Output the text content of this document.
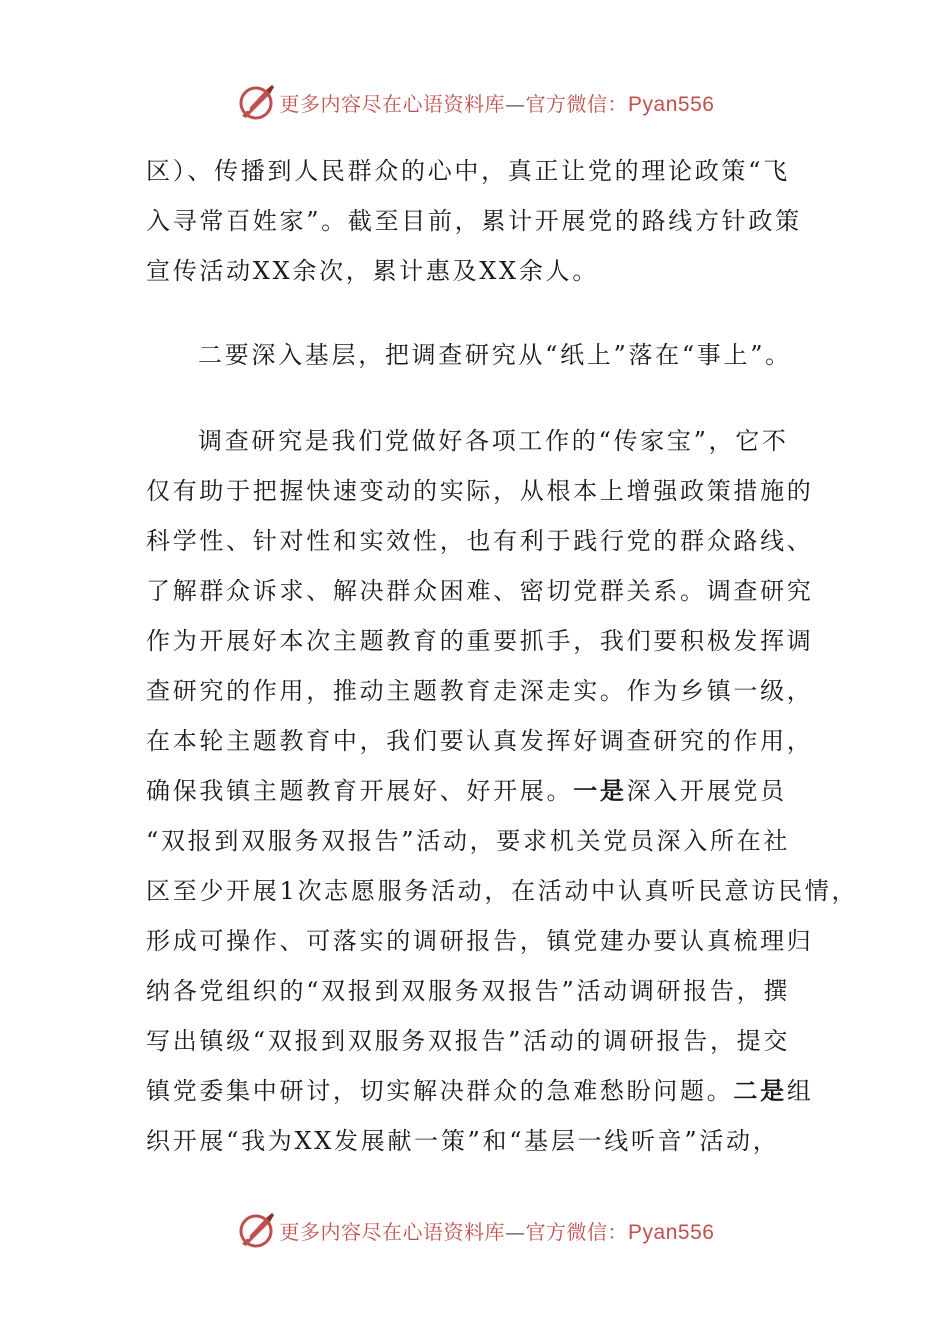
更多内容尽在心语资料库—官方微信：Pyan556
区）、传播到人民群众的心中，真正让党的理论政策“飞
入寻常百姓家”。截至目前，累计开展党的路线方针政策
宣传活动XX余次，累计惠及XX余人。
二要深入基层，把调查研究从“纸上”落在“事上”。
调查研究是我们党做好各项工作的“传家宝”，它不
仅有助于把握快速变动的实际，从根本上增强政策措施的
科学性、针对性和实效性，也有利于践行党的群众路线、
了解群众诉求、解决群众困难、密切党群关系。调查研究
作为开展好本次主题教育的重要抓手，我们要积极发挥调
查研究的作用，推动主题教育走深走实。作为乡镇一级，
在本轮主题教育中，我们要认真发挥好调查研究的作用，
确保我镇主题教育开展好、好开展。一是深入开展党员
“双报到双服务双报告”活动，要求机关党员深入所在社
区至少开展1次志愿服务活动，在活动中认真听民意访民情，
形成可操作、可落实的调研报告，镇党建办要认真梳理归
纳各党组织的“双报到双服务双报告”活动调研报告，撰
写出镇级“双报到双服务双报告”活动的调研报告，提交
镇党委集中研讨，切实解决群众的急难愁盼问题。二是组
织开展“我为XX发展献一策”和“基层一线听音”活动，
更多内容尽在心语资料库—官方微信：Pyan556
